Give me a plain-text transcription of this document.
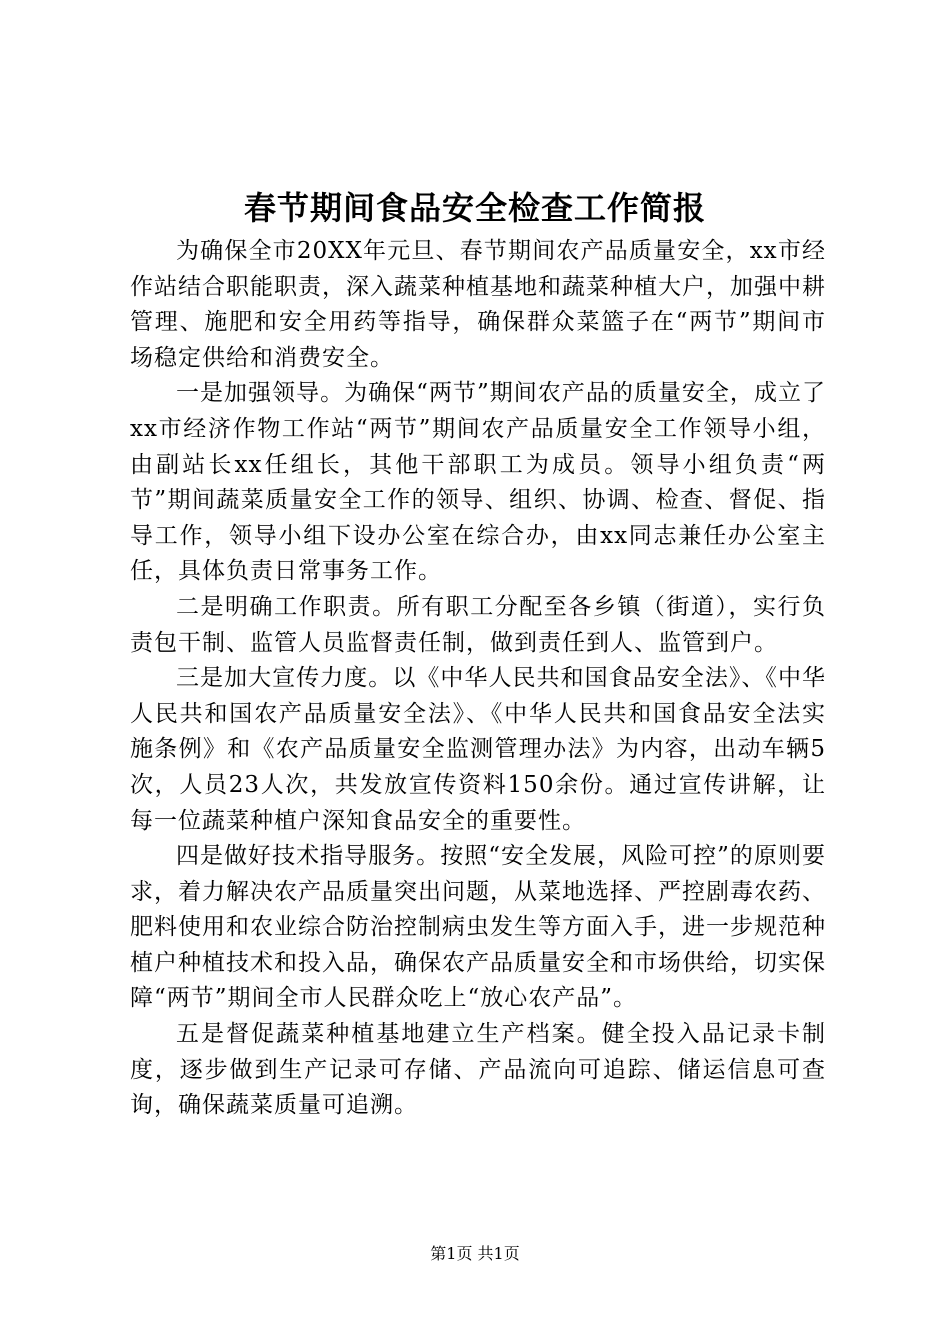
春节期间食品安全检查工作简报

为确保全市20XX年元旦、春节期间农产品质量安全，xx市经作站结合职能职责，深入蔬菜种植基地和蔬菜种植大户，加强中耕管理、施肥和安全用药等指导，确保群众菜篮子在“两节”期间市场稳定供给和消费安全。

一是加强领导。为确保“两节”期间农产品的质量安全，成立了xx市经济作物工作站“两节”期间农产品质量安全工作领导小组，由副站长xx任组长，其他干部职工为成员。领导小组负责“两节”期间蔬菜质量安全工作的领导、组织、协调、检查、督促、指导工作，领导小组下设办公室在综合办，由xx同志兼任办公室主任，具体负责日常事务工作。

二是明确工作职责。所有职工分配至各乡镇（街道），实行负责包干制、监管人员监督责任制，做到责任到人、监管到户。

三是加大宣传力度。以《中华人民共和国食品安全法》、《中华人民共和国农产品质量安全法》、《中华人民共和国食品安全法实施条例》和《农产品质量安全监测管理办法》为内容，出动车辆5次，人员23人次，共发放宣传资料150余份。通过宣传讲解，让每一位蔬菜种植户深知食品安全的重要性。

四是做好技术指导服务。按照“安全发展，风险可控”的原则要求，着力解决农产品质量突出问题，从菜地选择、严控剧毒农药、肥料使用和农业综合防治控制病虫发生等方面入手，进一步规范种植户种植技术和投入品，确保农产品质量安全和市场供给，切实保障“两节”期间全市人民群众吃上“放心农产品”。

五是督促蔬菜种植基地建立生产档案。健全投入品记录卡制度，逐步做到生产记录可存储、产品流向可追踪、储运信息可查询，确保蔬菜质量可追溯。

第1页 共1页
